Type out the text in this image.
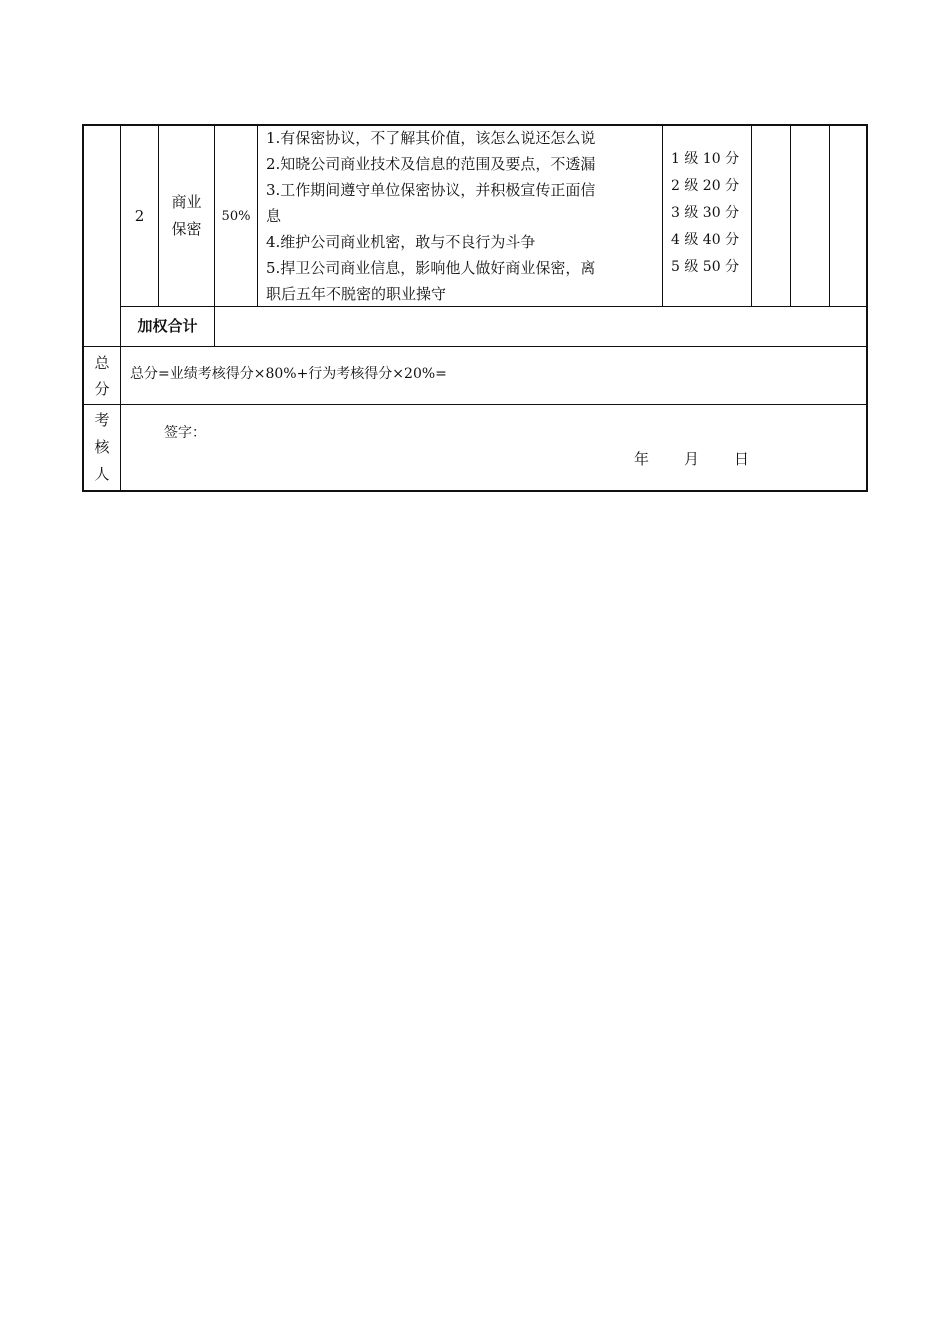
2
商业
保密
50%
1.有保密协议，不了解其价值，该怎么说还怎么说
2.知晓公司商业技术及信息的范围及要点，不透漏
3.工作期间遵守单位保密协议，并积极宣传正面信
息
4.维护公司商业机密，敢与不良行为斗争
5.捍卫公司商业信息，影响他人做好商业保密，离
职后五年不脱密的职业操守
1 级 10 分
2 级 20 分
3 级 30 分
4 级 40 分
5 级 50 分
加权合计
总
分
总分=业绩考核得分×80%+行为考核得分×20%=
考
核
人
签字：
年	月	日
